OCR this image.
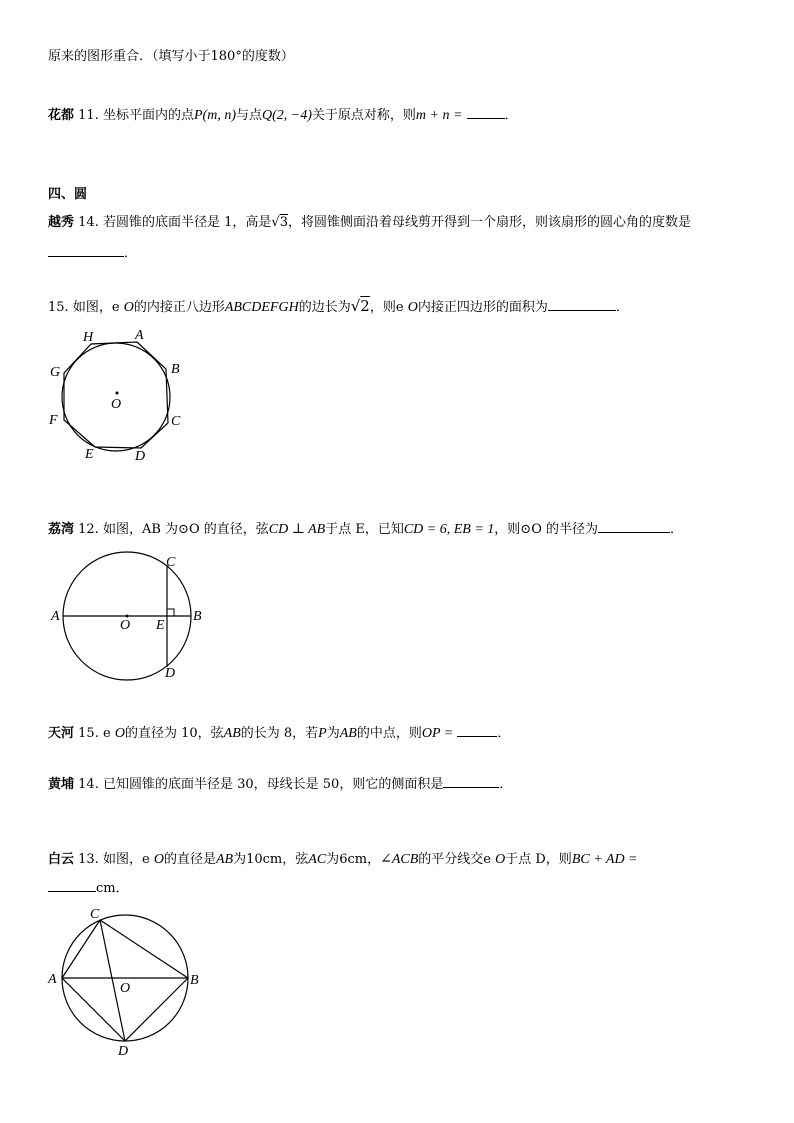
原来的图形重合．（填写小于180°的度数）
花都 11. 坐标平面内的点P(m, n)与点Q(2, −4)关于原点对称，则m + n =	．
四、圆
越秀 14. 若圆锥的底面半径是 1，高是√3，将圆锥侧面沿着母线剪开得到一个扇形，则该扇形的圆心角的度数是
．
15. 如图，e O的内接正八边形ABCDEFGH的边长为√2，则e O内接正四边形的面积为	．
H	A
B
C
D
E
F
G
O
荔湾 12. 如图，AB 为⊙O 的直径，弦CD ⊥ AB于点 E，已知CD = 6, EB = 1，则⊙O 的半径为	．
A	B
C
D
E
O
天河 15. e O的直径为 10，弦AB的长为 8，若P为AB的中点，则OP =	．
黄埔 14. 已知圆锥的底面半径是 30，母线长是 50，则它的侧面积是	．
白云 13. 如图，e O的直径是AB为10cm，弦AC为6cm，∠ACB的平分线交e O于点 D，则BC + AD =
cm．
C
A	B
D
O
